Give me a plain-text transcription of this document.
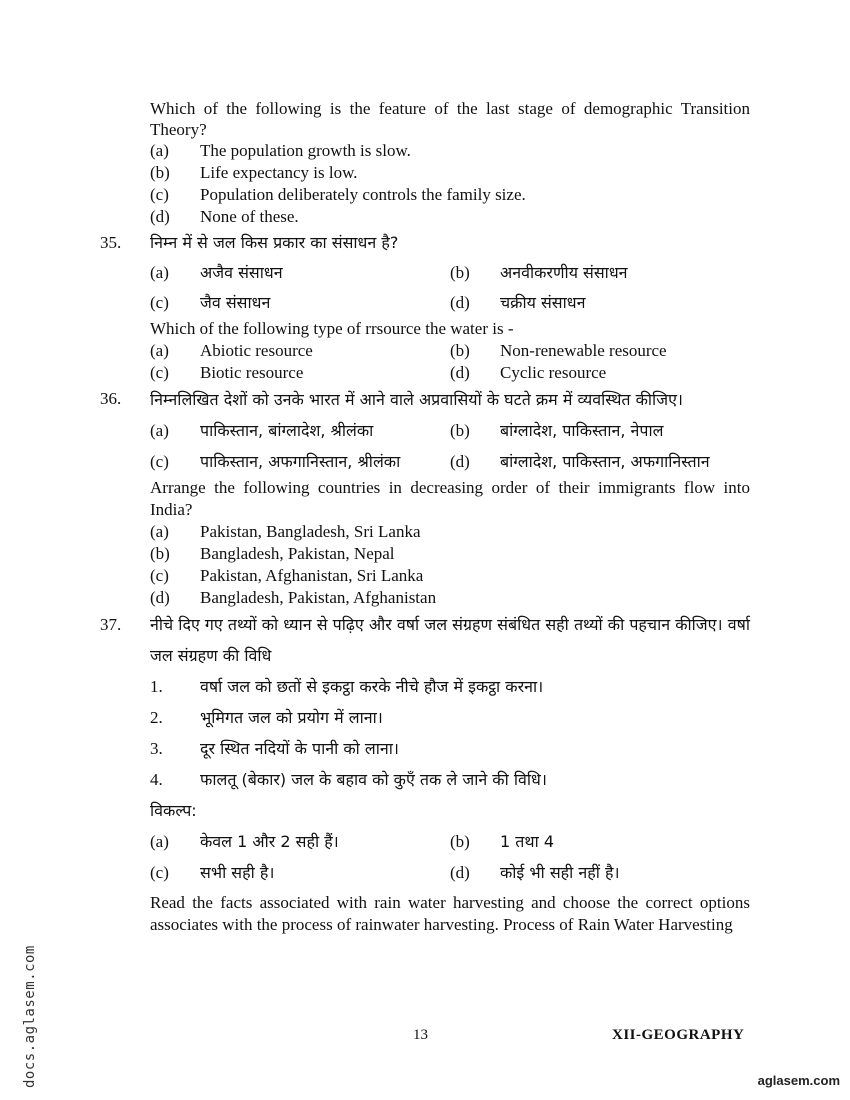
Which of the following is the feature of the last stage of demographic Transition Theory?
(a)	The population growth is slow.
(b)	Life expectancy is low.
(c)	Population deliberately controls the family size.
(d)	None of these.
35.	निम्न में से जल किस प्रकार का संसाधन है?
(a)	अजैव संसाधन	(b)	अनवीकरणीय संसाधन
(c)	जैव संसाधन	(d)	चक्रीय संसाधन
Which of the following type of rrsource the water is -
(a)	Abiotic resource	(b)	Non-renewable resource
(c)	Biotic resource	(d)	Cyclic resource
36.	निम्नलिखित देशों को उनके भारत में आने वाले अप्रवासियों के घटते क्रम में व्यवस्थित कीजिए।
(a)	पाकिस्तान, बांग्लादेश, श्रीलंका	(b)	बांग्लादेश, पाकिस्तान, नेपाल
(c)	पाकिस्तान, अफगानिस्तान, श्रीलंका	(d)	बांग्लादेश, पाकिस्तान, अफगानिस्तान
Arrange the following countries in decreasing order of their immigrants flow into India?
(a)	Pakistan, Bangladesh, Sri Lanka
(b)	Bangladesh, Pakistan, Nepal
(c)	Pakistan, Afghanistan, Sri Lanka
(d)	Bangladesh, Pakistan, Afghanistan
37.	नीचे दिए गए तथ्यों को ध्यान से पढ़िए और वर्षा जल संग्रहण संबंधित सही तथ्यों की पहचान कीजिए। वर्षा जल संग्रहण की विधि
1.	वर्षा जल को छतों से इकट्ठा करके नीचे हौज में इकट्ठा करना।
2.	भूमिगत जल को प्रयोग में लाना।
3.	दूर स्थित नदियों के पानी को लाना।
4.	फालतू (बेकार) जल के बहाव को कुएँ तक ले जाने की विधि।
विकल्प:
(a)	केवल 1 और 2 सही हैं।	(b)	1 तथा 4
(c)	सभी सही है।	(d)	कोई भी सही नहीं है।
Read the facts associated with rain water harvesting and choose the correct options associates with the process of rainwater harvesting. Process of Rain Water Harvesting
13	XII-GEOGRAPHY
aglasem.com
docs.aglasem.com
